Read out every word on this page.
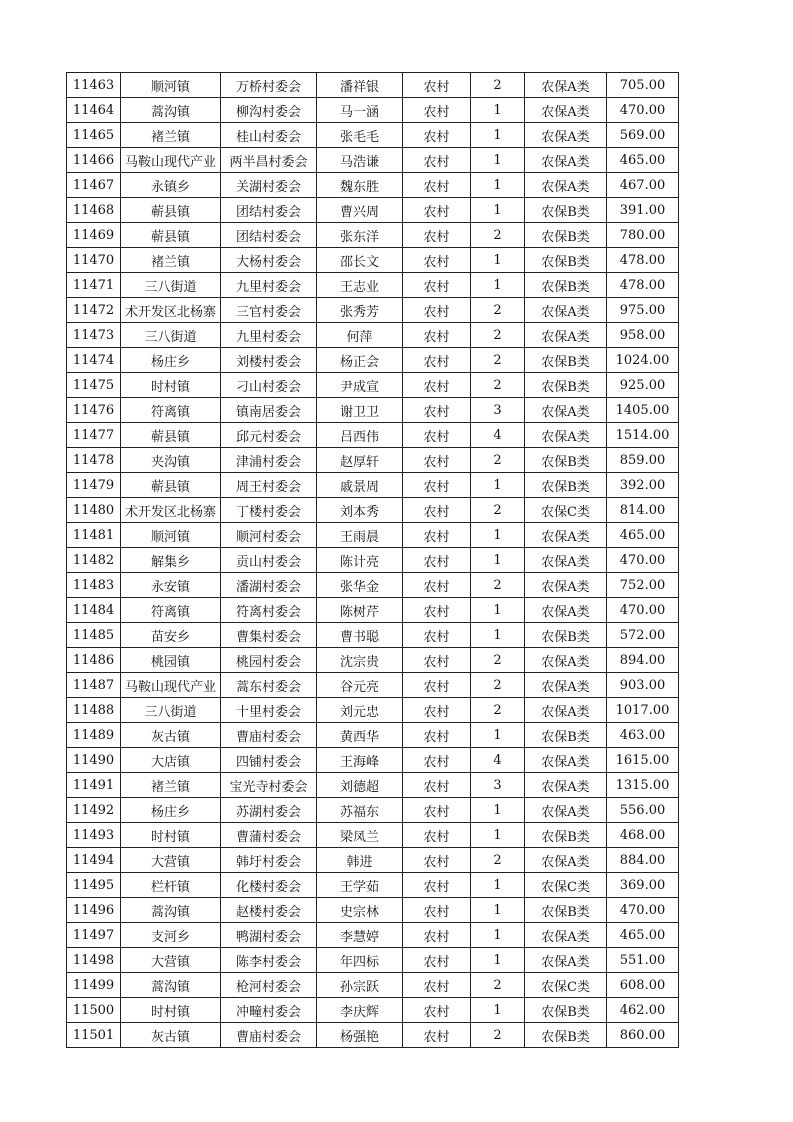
11463	顺河镇	万桥村委会	潘祥银	农村	2	农保A类	705.00
11464	蒿沟镇	柳沟村委会	马一涵	农村	1	农保A类	470.00
11465	褚兰镇	桂山村委会	张毛毛	农村	1	农保A类	569.00
11466	马鞍山现代产业	两半昌村委会	马浩谦	农村	1	农保A类	465.00
11467	永镇乡	关湖村委会	魏东胜	农村	1	农保A类	467.00
11468	蕲县镇	团结村委会	曹兴周	农村	1	农保B类	391.00
11469	蕲县镇	团结村委会	张东洋	农村	2	农保B类	780.00
11470	褚兰镇	大杨村委会	邵长文	农村	1	农保B类	478.00
11471	三八街道	九里村委会	王志业	农村	1	农保B类	478.00
11472	术开发区北杨寨	三官村委会	张秀芳	农村	2	农保A类	975.00
11473	三八街道	九里村委会	何萍	农村	2	农保A类	958.00
11474	杨庄乡	刘楼村委会	杨正会	农村	2	农保B类	1024.00
11475	时村镇	刁山村委会	尹成宣	农村	2	农保B类	925.00
11476	符离镇	镇南居委会	谢卫卫	农村	3	农保A类	1405.00
11477	蕲县镇	邱元村委会	吕西伟	农村	4	农保A类	1514.00
11478	夹沟镇	津浦村委会	赵厚轩	农村	2	农保B类	859.00
11479	蕲县镇	周王村委会	戚景周	农村	1	农保B类	392.00
11480	术开发区北杨寨	丁楼村委会	刘本秀	农村	2	农保C类	814.00
11481	顺河镇	顺河村委会	王雨晨	农村	1	农保A类	465.00
11482	解集乡	贡山村委会	陈计亮	农村	1	农保A类	470.00
11483	永安镇	潘湖村委会	张华金	农村	2	农保A类	752.00
11484	符离镇	符离村委会	陈树芹	农村	1	农保A类	470.00
11485	苗安乡	曹集村委会	曹书聪	农村	1	农保B类	572.00
11486	桃园镇	桃园村委会	沈宗贵	农村	2	农保A类	894.00
11487	马鞍山现代产业	蒿东村委会	谷元亮	农村	2	农保A类	903.00
11488	三八街道	十里村委会	刘元忠	农村	2	农保A类	1017.00
11489	灰古镇	曹庙村委会	黄西华	农村	1	农保B类	463.00
11490	大店镇	四铺村委会	王海峰	农村	4	农保A类	1615.00
11491	褚兰镇	宝光寺村委会	刘德超	农村	3	农保A类	1315.00
11492	杨庄乡	苏湖村委会	苏福东	农村	1	农保A类	556.00
11493	时村镇	曹蒲村委会	梁凤兰	农村	1	农保B类	468.00
11494	大营镇	韩圩村委会	韩进	农村	2	农保A类	884.00
11495	栏杆镇	化楼村委会	王学茹	农村	1	农保C类	369.00
11496	蒿沟镇	赵楼村委会	史宗林	农村	1	农保B类	470.00
11497	支河乡	鸭湖村委会	李慧婷	农村	1	农保A类	465.00
11498	大营镇	陈李村委会	年四标	农村	1	农保A类	551.00
11499	蒿沟镇	枪河村委会	孙宗跃	农村	2	农保C类	608.00
11500	时村镇	冲疃村委会	李庆辉	农村	1	农保B类	462.00
11501	灰古镇	曹庙村委会	杨强艳	农村	2	农保B类	860.00
